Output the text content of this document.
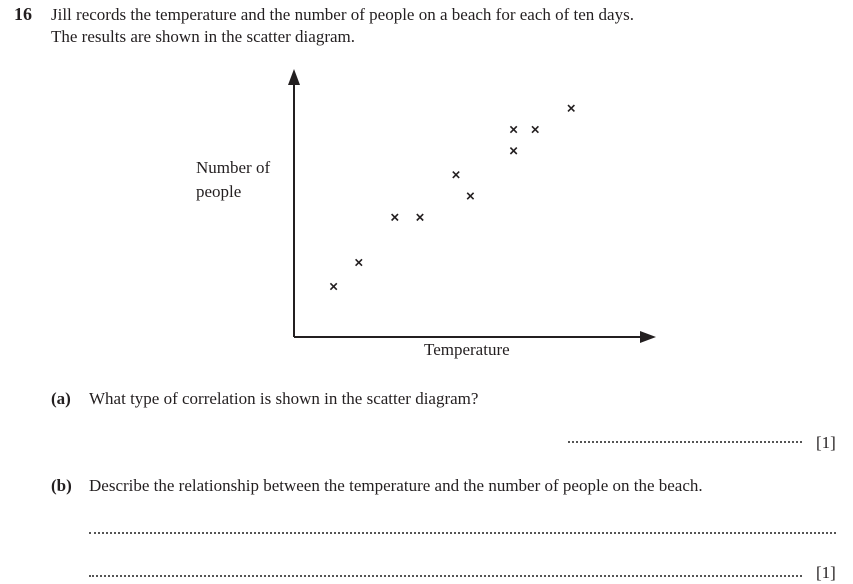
16 Jill records the temperature and the number of people on a beach for each of ten days.
The results are shown in the scatter diagram.
Number of
people
Temperature
(a) What type of correlation is shown in the scatter diagram?
[1]
(b) Describe the relationship between the temperature and the number of people on the beach.
[1]
